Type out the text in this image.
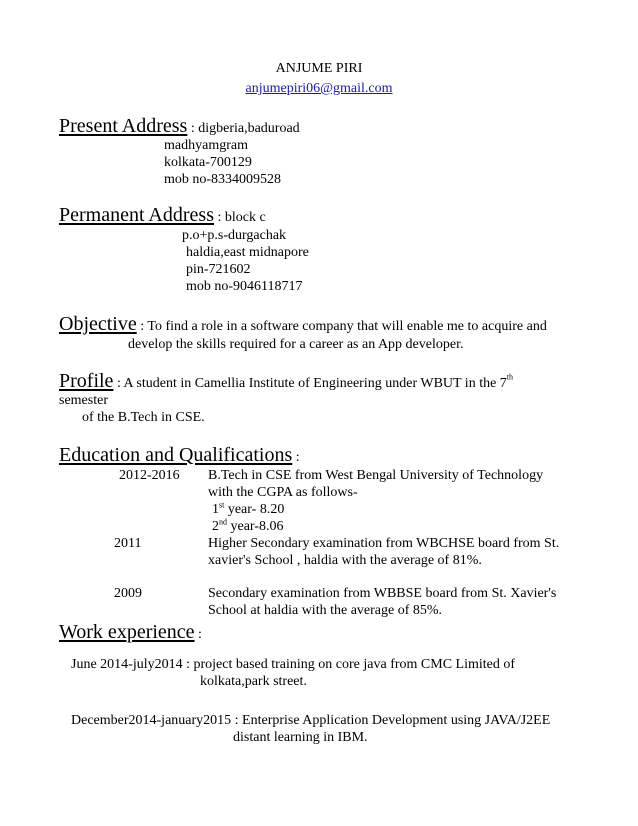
ANJUME PIRI
anjumepiri06@gmail.com
Present Address : digberia,baduroad
madhyamgram
kolkata-700129
mob no-8334009528
Permanent Address : block c
p.o+p.s-durgachak
haldia,east midnapore
pin-721602
mob no-9046118717
Objective : To find a role in a software company that will enable me to acquire and
develop the skills required for a career as an App developer.
Profile : A student in Camellia Institute of Engineering under WBUT in the 7th
semester
of the B.Tech in CSE.
Education and Qualifications :
2012-2016 B.Tech in CSE from West Bengal University of Technology
with the CGPA as follows-
1st year- 8.20
2nd year-8.06
2011	Higher Secondary examination from WBCHSE board from St.
xavier's School , haldia with the average of 81%.
2009	Secondary examination from WBBSE board from St. Xavier's
School at haldia with the average of 85%.
Work experience :
June 2014-july2014 : project based training on core java from CMC Limited of
kolkata,park street.
December2014-january2015 : Enterprise Application Development using JAVA/J2EE
distant learning in IBM.
